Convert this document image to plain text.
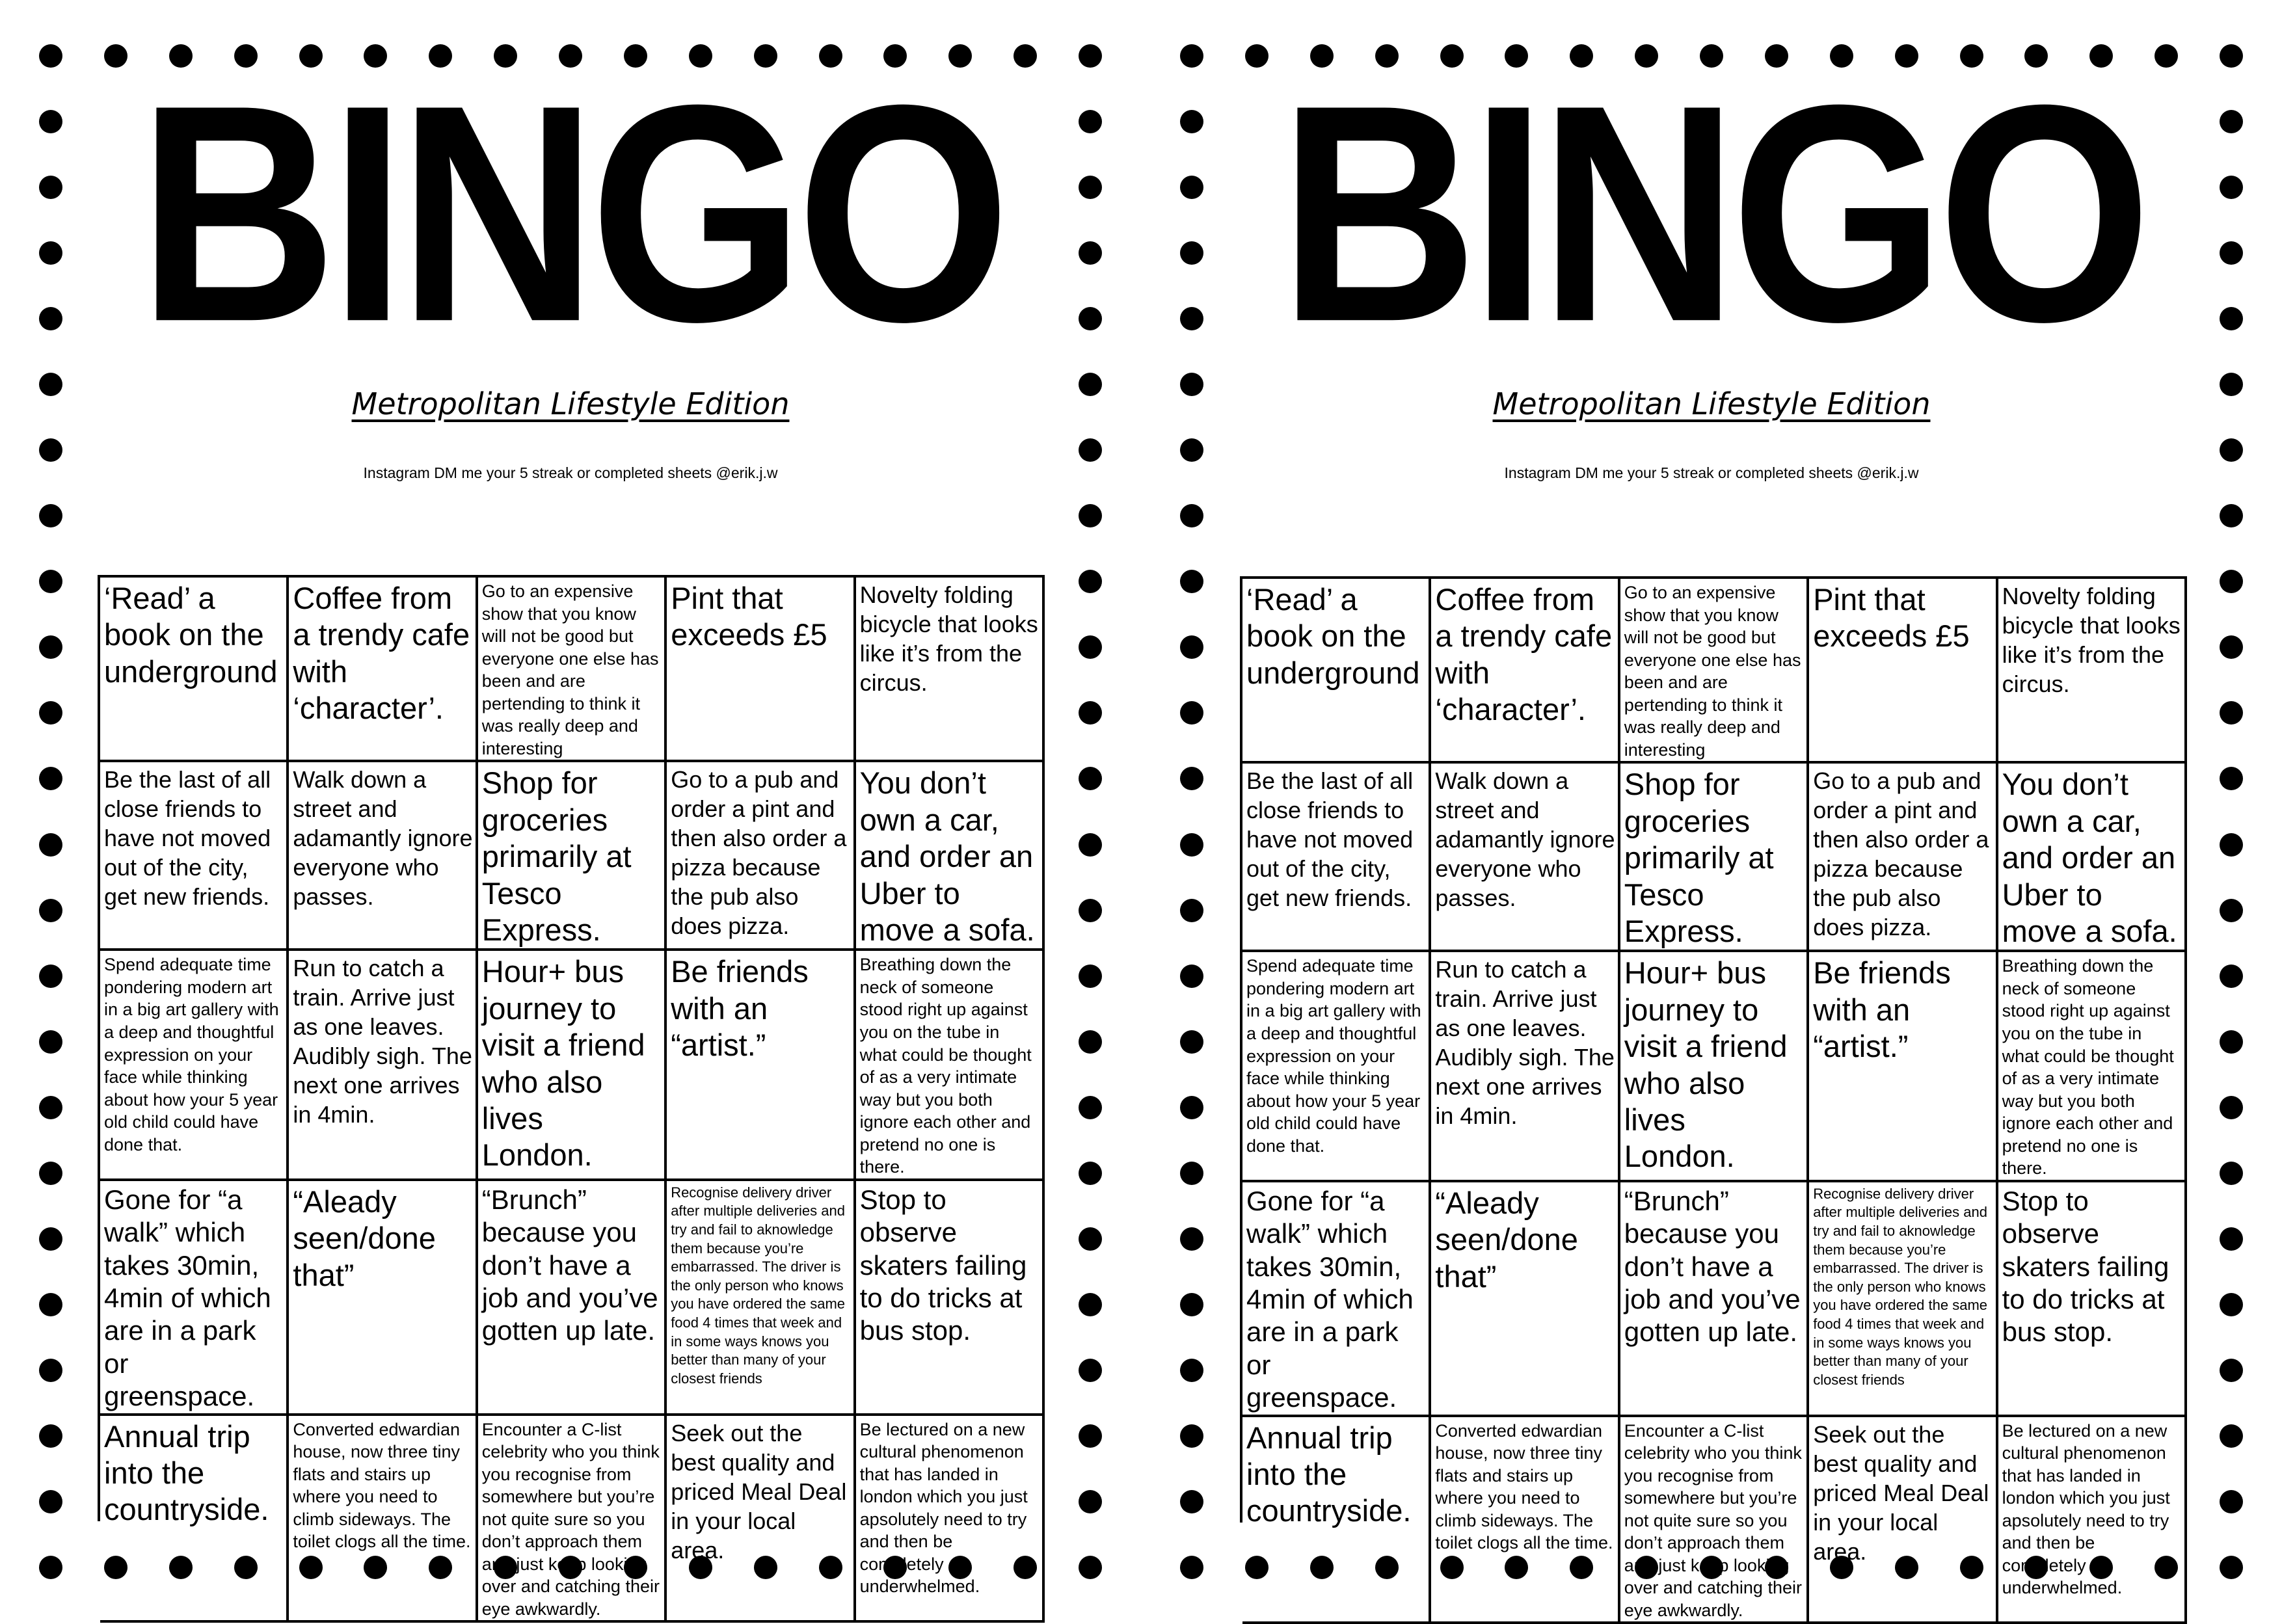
BINGO
Metropolitan Lifestyle Edition
Instagram DM me your 5 streak or completed sheets @erik.j.w
‘Read’ a book on the underground
Coffee from a trendy cafe with ‘character’.
Go to an expensive show that you know will not be good but everyone one else has been and are pertending to think it was really deep and interesting
Pint that exceeds £5
Novelty folding bicycle that looks like it’s from the circus.
Be the last of all close friends to have not moved out of the city, get new friends.
Walk down a street and adamantly ignore everyone who passes.
Shop for groceries primarily at Tesco Express.
Go to a pub and order a pint and then also order a pizza because the pub also does pizza.
You don’t own a car, and order an Uber to move a sofa.
Spend adequate time pondering modern art in a big art gallery with a deep and thoughtful expression on your face while thinking about how your 5 year old child could have done that.
Run to catch a train. Arrive just as one leaves. Audibly sigh. The next one arrives in 4min.
Hour+ bus journey to visit a friend who also lives London.
Be friends with an “artist.”
Breathing down the neck of someone stood right up against you on the tube in what could be thought of as a very intimate way but you both ignore each other and pretend no one is there.
Gone for “a walk” which takes 30min, 4min of which are in a park or greenspace.
“Aleady seen/done that”
“Brunch” because you don’t have a job and you’ve gotten up late.
Recognise delivery driver after multiple deliveries and try and fail to aknowledge them because you’re embarrassed. The driver is the only person who knows you have ordered the same food 4 times that week and in some ways knows you better than many of your closest friends
Stop to observe skaters failing to do tricks at bus stop.
Annual trip into the countryside.
Converted edwardian house, now three tiny flats and stairs up where you need to climb sideways. The toilet clogs all the time.
Encounter a C-list celebrity who you think you recognise from somewhere but you’re not quite sure so you don’t approach them and just keep looking over and catching their eye awkwardly.
Seek out the best quality and priced Meal Deal in your local area.
Be lectured on a new cultural phenomenon that has landed in london which you just apsolutely need to try and then be completely underwhelmed.
BINGO
Metropolitan Lifestyle Edition
Instagram DM me your 5 streak or completed sheets @erik.j.w
‘Read’ a book on the underground
Coffee from a trendy cafe with ‘character’.
Go to an expensive show that you know will not be good but everyone one else has been and are pertending to think it was really deep and interesting
Pint that exceeds £5
Novelty folding bicycle that looks like it’s from the circus.
Be the last of all close friends to have not moved out of the city, get new friends.
Walk down a street and adamantly ignore everyone who passes.
Shop for groceries primarily at Tesco Express.
Go to a pub and order a pint and then also order a pizza because the pub also does pizza.
You don’t own a car, and order an Uber to move a sofa.
Spend adequate time pondering modern art in a big art gallery with a deep and thoughtful expression on your face while thinking about how your 5 year old child could have done that.
Run to catch a train. Arrive just as one leaves. Audibly sigh. The next one arrives in 4min.
Hour+ bus journey to visit a friend who also lives London.
Be friends with an “artist.”
Breathing down the neck of someone stood right up against you on the tube in what could be thought of as a very intimate way but you both ignore each other and pretend no one is there.
Gone for “a walk” which takes 30min, 4min of which are in a park or greenspace.
“Aleady seen/done that”
“Brunch” because you don’t have a job and you’ve gotten up late.
Recognise delivery driver after multiple deliveries and try and fail to aknowledge them because you’re embarrassed. The driver is the only person who knows you have ordered the same food 4 times that week and in some ways knows you better than many of your closest friends
Stop to observe skaters failing to do tricks at bus stop.
Annual trip into the countryside.
Converted edwardian house, now three tiny flats and stairs up where you need to climb sideways. The toilet clogs all the time.
Encounter a C-list celebrity who you think you recognise from somewhere but you’re not quite sure so you don’t approach them and just keep looking over and catching their eye awkwardly.
Seek out the best quality and priced Meal Deal in your local area.
Be lectured on a new cultural phenomenon that has landed in london which you just apsolutely need to try and then be completely underwhelmed.
